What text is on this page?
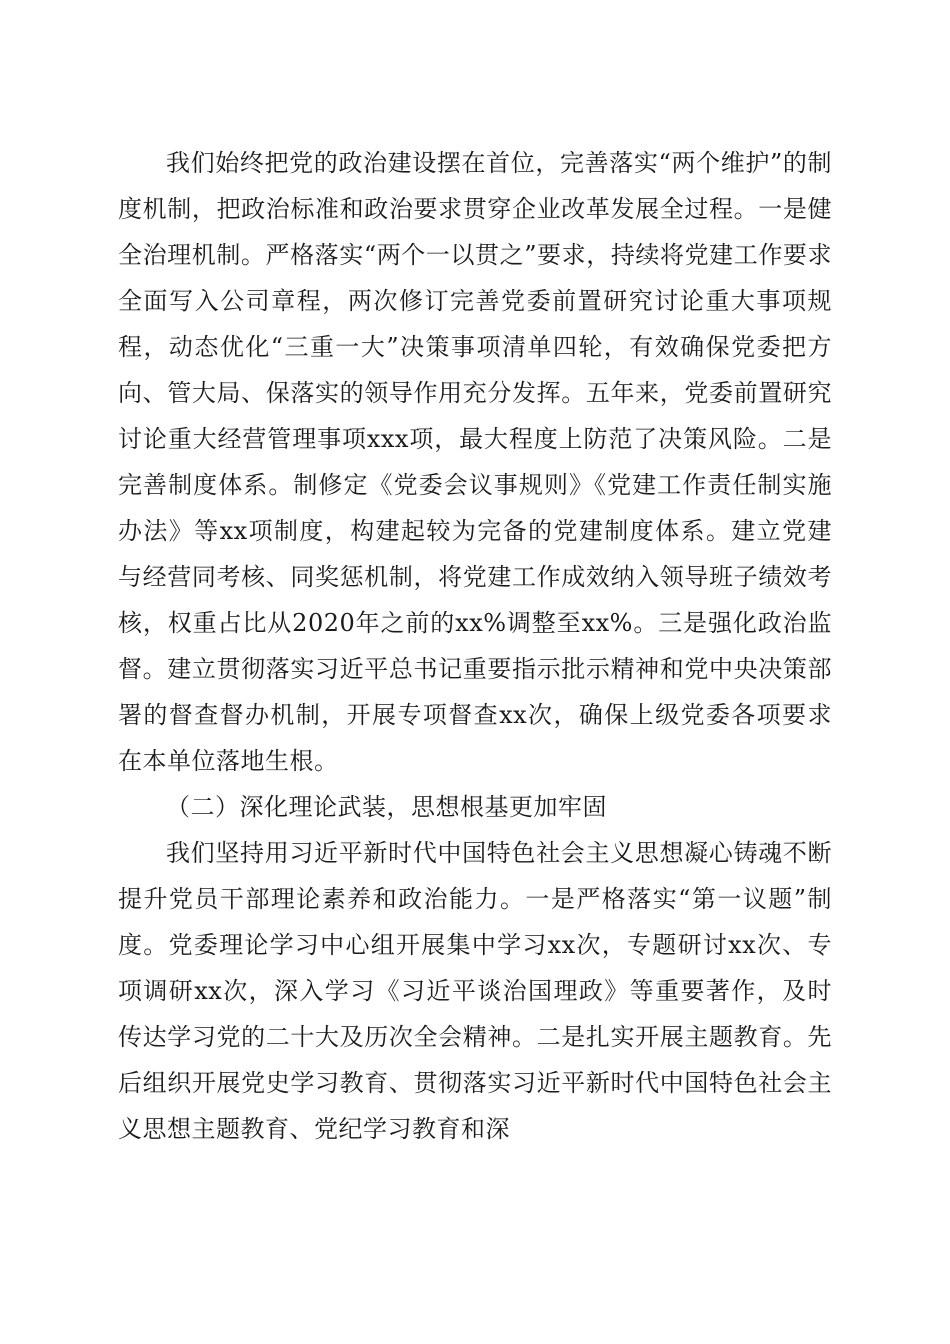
我们始终把党的政治建设摆在首位，完善落实“两个维护”的制度机制，把政治标准和政治要求贯穿企业改革发展全过程。一是健全治理机制。严格落实“两个一以贯之”要求，持续将党建工作要求全面写入公司章程，两次修订完善党委前置研究讨论重大事项规程，动态优化“三重一大”决策事项清单四轮，有效确保党委把方向、管大局、保落实的领导作用充分发挥。五年来，党委前置研究讨论重大经营管理事项xxx项，最大程度上防范了决策风险。二是完善制度体系。制修定《党委会议事规则》《党建工作责任制实施办法》等xx项制度，构建起较为完备的党建制度体系。建立党建与经营同考核、同奖惩机制，将党建工作成效纳入领导班子绩效考核，权重占比从2020年之前的xx%调整至xx%。三是强化政治监督。建立贯彻落实习近平总书记重要指示批示精神和党中央决策部署的督查督办机制，开展专项督查xx次，确保上级党委各项要求在本单位落地生根。

（二）深化理论武装，思想根基更加牢固

我们坚持用习近平新时代中国特色社会主义思想凝心铸魂不断提升党员干部理论素养和政治能力。一是严格落实“第一议题”制度。党委理论学习中心组开展集中学习xx次，专题研讨xx次、专项调研xx次，深入学习《习近平谈治国理政》等重要著作，及时传达学习党的二十大及历次全会精神。二是扎实开展主题教育。先后组织开展党史学习教育、贯彻落实习近平新时代中国特色社会主义思想主题教育、党纪学习教育和深
